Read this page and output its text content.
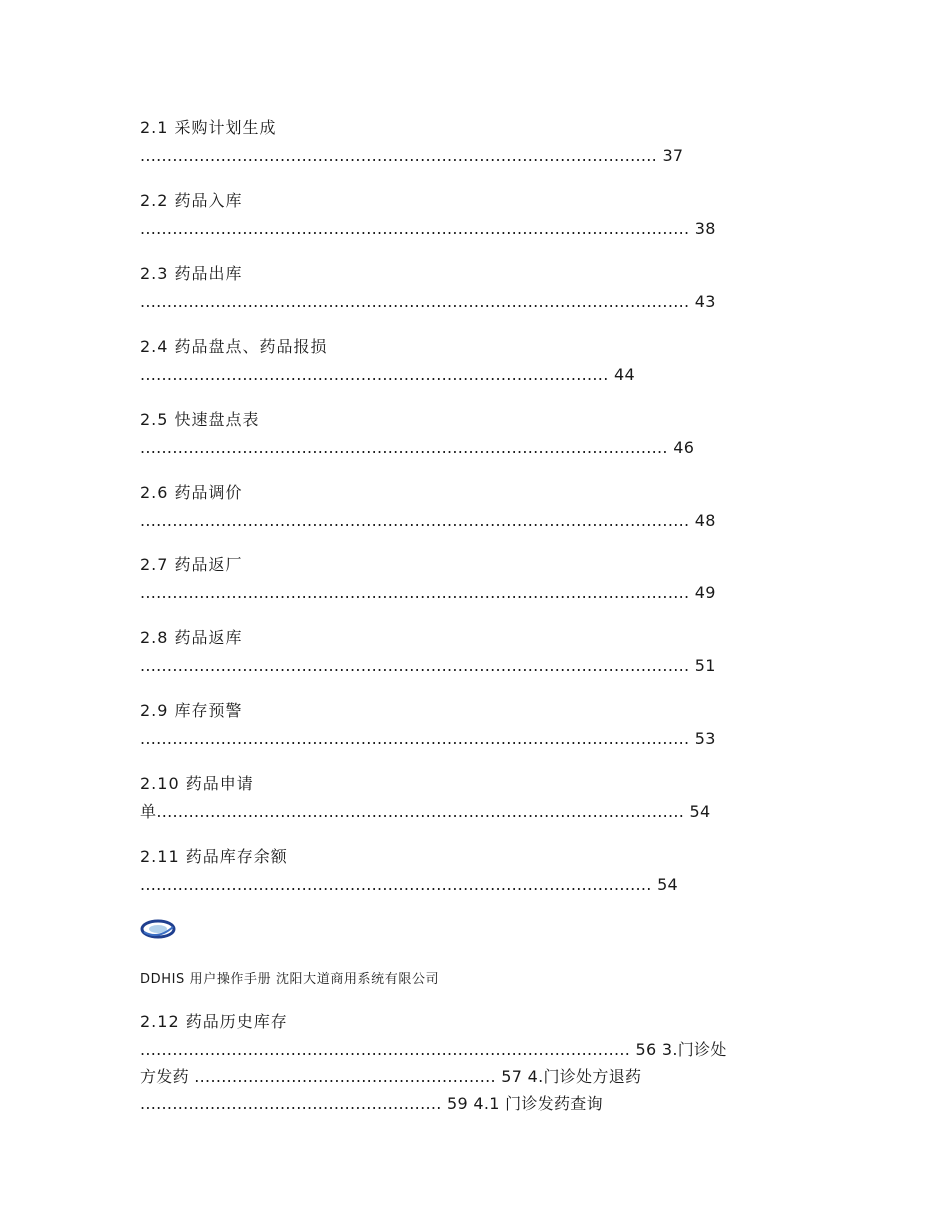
2.1 采购计划生成
................................................................................................ 37
2.2 药品入库
...................................................................................................... 38
2.3 药品出库
...................................................................................................... 43
2.4 药品盘点、药品报损
....................................................................................... 44
2.5 快速盘点表
.................................................................................................. 46
2.6 药品调价
...................................................................................................... 48
2.7 药品返厂
...................................................................................................... 49
2.8 药品返库
...................................................................................................... 51
2.9 库存预警
...................................................................................................... 53
2.10 药品申请
单.................................................................................................. 54
2.11 药品库存余额
............................................................................................... 54
DDHIS 用户操作手册 沈阳大道商用系统有限公司
2.12 药品历史库存
........................................................................................... 56 3.门诊处
方发药 ........................................................ 57 4.门诊处方退药
........................................................ 59 4.1 门诊发药查询
